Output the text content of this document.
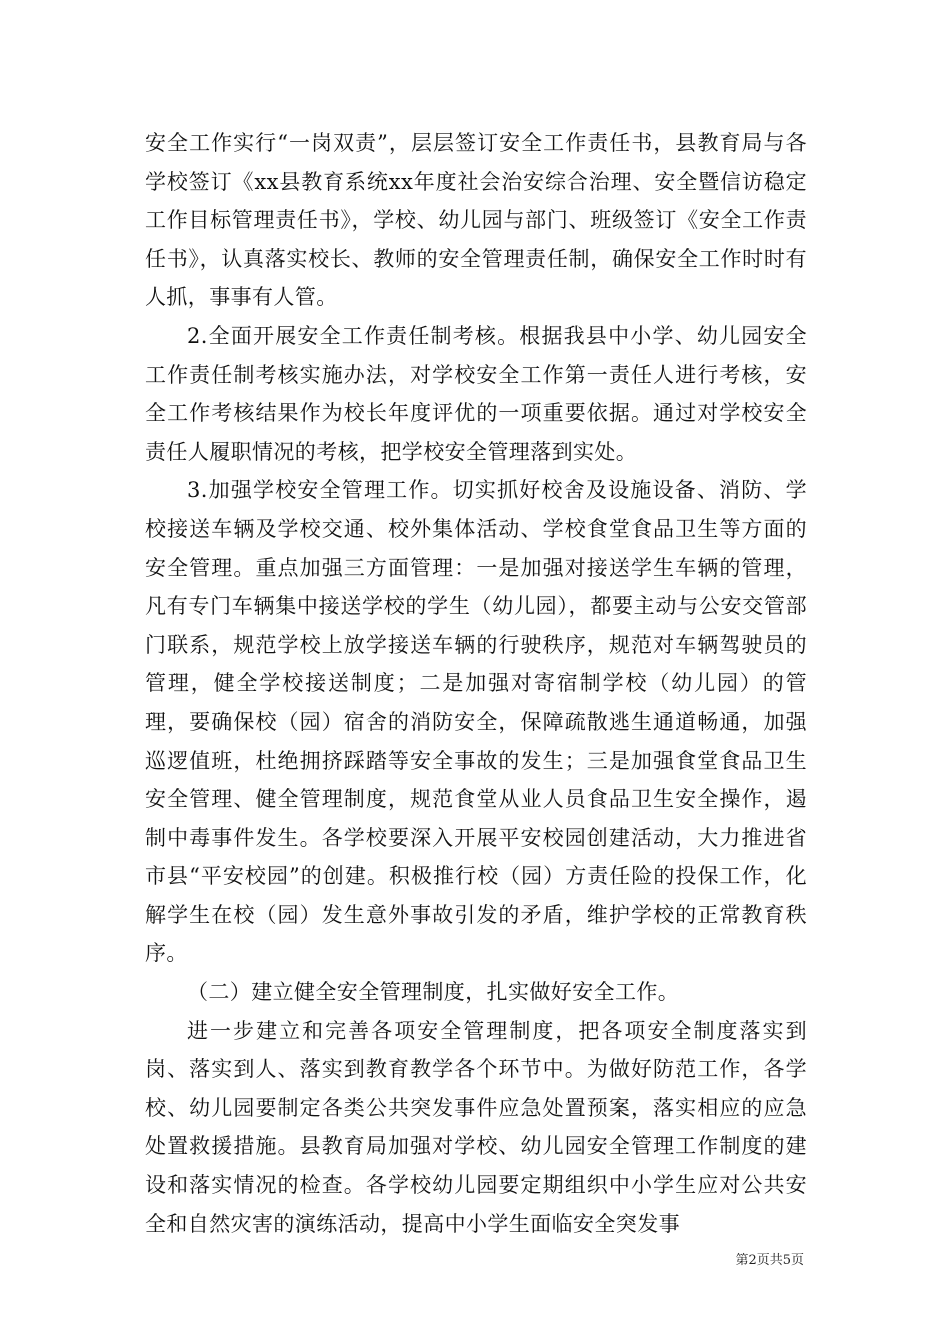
安全工作实行“一岗双责”，层层签订安全工作责任书，县教育局与各学校签订《xx县教育系统xx年度社会治安综合治理、安全暨信访稳定工作目标管理责任书》，学校、幼儿园与部门、班级签订《安全工作责任书》，认真落实校长、教师的安全管理责任制，确保安全工作时时有人抓，事事有人管。

2.全面开展安全工作责任制考核。根据我县中小学、幼儿园安全工作责任制考核实施办法，对学校安全工作第一责任人进行考核，安全工作考核结果作为校长年度评优的一项重要依据。通过对学校安全责任人履职情况的考核，把学校安全管理落到实处。

3.加强学校安全管理工作。切实抓好校舍及设施设备、消防、学校接送车辆及学校交通、校外集体活动、学校食堂食品卫生等方面的安全管理。重点加强三方面管理：一是加强对接送学生车辆的管理，凡有专门车辆集中接送学校的学生（幼儿园），都要主动与公安交管部门联系，规范学校上放学接送车辆的行驶秩序，规范对车辆驾驶员的管理，健全学校接送制度；二是加强对寄宿制学校（幼儿园）的管理，要确保校（园）宿舍的消防安全，保障疏散逃生通道畅通，加强巡逻值班，杜绝拥挤踩踏等安全事故的发生；三是加强食堂食品卫生安全管理、健全管理制度，规范食堂从业人员食品卫生安全操作，遏制中毒事件发生。各学校要深入开展平安校园创建活动，大力推进省市县“平安校园”的创建。积极推行校（园）方责任险的投保工作，化解学生在校（园）发生意外事故引发的矛盾，维护学校的正常教育秩序。

（二）建立健全安全管理制度，扎实做好安全工作。

进一步建立和完善各项安全管理制度，把各项安全制度落实到岗、落实到人、落实到教育教学各个环节中。为做好防范工作，各学校、幼儿园要制定各类公共突发事件应急处置预案，落实相应的应急处置救援措施。县教育局加强对学校、幼儿园安全管理工作制度的建设和落实情况的检查。各学校幼儿园要定期组织中小学生应对公共安全和自然灾害的演练活动，提高中小学生面临安全突发事

第2页共5页
